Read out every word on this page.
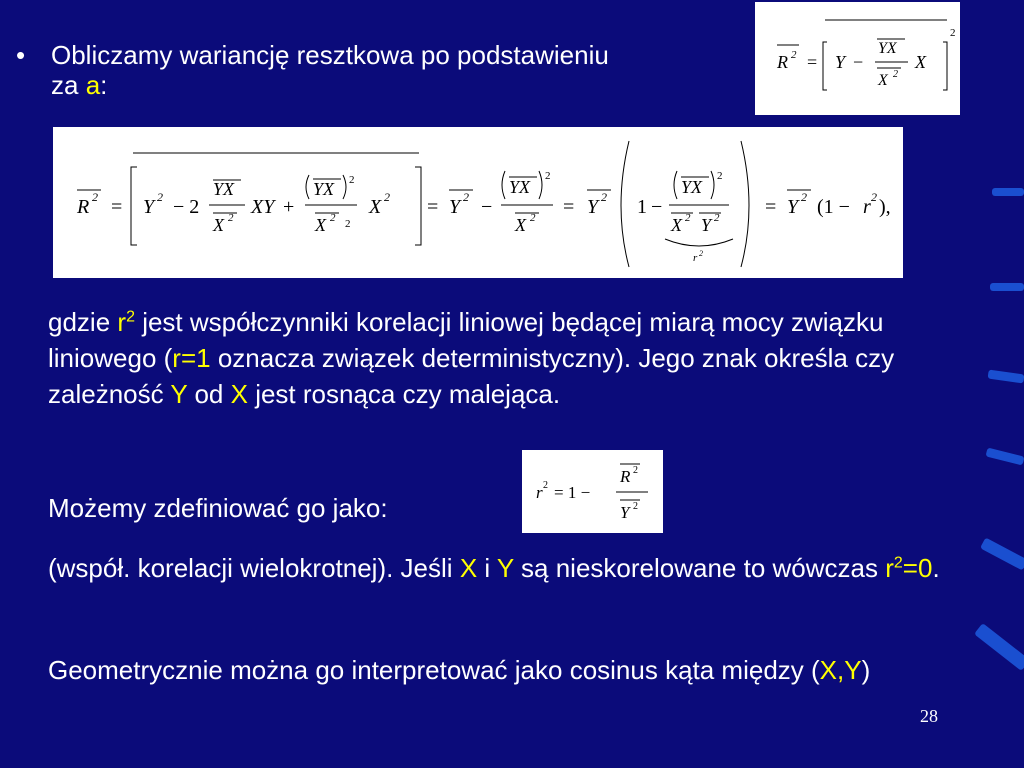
• Obliczamy wariancję resztkowa po podstawieniu za a:
R 2 = Y −
YX
X 2
X
2
R 2 = Y 2 − 2
YX
X 2 XY +
YX 2
X 2 2
X 2 = Y 2 −
YX
2
X 2 = Y 2 1 −
YX
2
X 2 Y 2
r 2
= Y 2 (1 − r 2 ),
gdzie $r^2$ jest współczynniki korelacji liniowej będącej miarą mocy związku liniowego (r=1 oznacza związek deterministyczny). Jego znak określa czy zależność Y od X jest rosnąca czy malejąca.
Możemy zdefiniować go jako:
r 2 = 1 −
R 2
Y 2
(współ. korelacji wielokrotnej). Jeśli X i Y są nieskorelowane to wówczas $r^2=0$.
Geometrycznie można go interpretować jako cosinus kąta między (X,Y)
28
